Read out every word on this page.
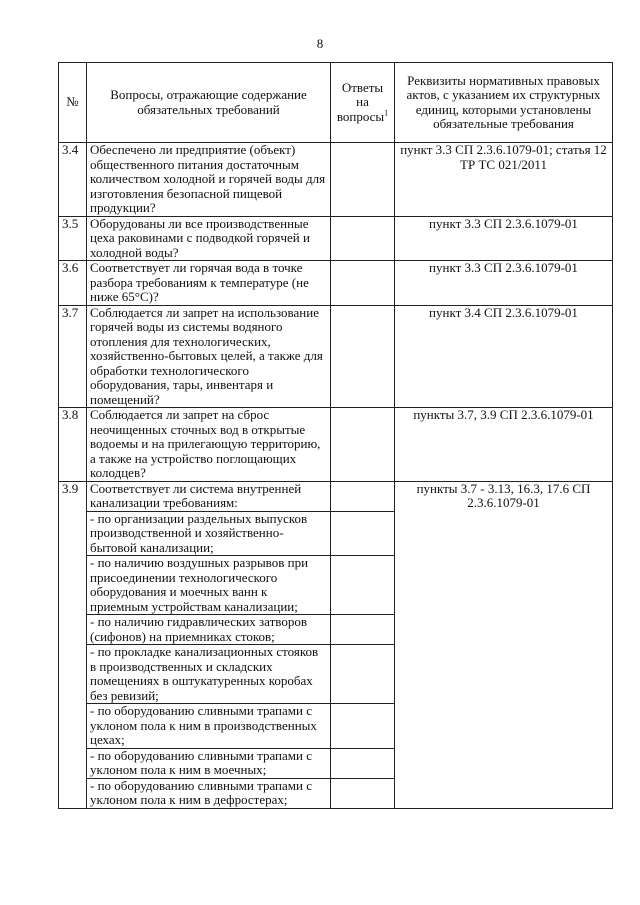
8
№	Вопросы, отражающие содержание обязательных требований	Ответы на вопросы$^1$	Реквизиты нормативных правовых актов, с указанием их структурных единиц, которыми установлены обязательные требования
3.4	Обеспечено ли предприятие (объект) общественного питания достаточным количеством холодной и горячей воды для изготовления безопасной пищевой продукции?		пункт 3.3 СП 2.3.6.1079-01; статья 12 ТР ТС 021/2011
3.5	Оборудованы ли все производственные цеха раковинами с подводкой горячей и холодной воды?		пункт 3.3 СП 2.3.6.1079-01
3.6	Соответствует ли горячая вода в точке разбора требованиям к температуре (не ниже 65°С)?		пункт 3.3 СП 2.3.6.1079-01
3.7	Соблюдается ли запрет на использование горячей воды из системы водяного отопления для технологических, хозяйственно-бытовых целей, а также для обработки технологического оборудования, тары, инвентаря и помещений?		пункт 3.4 СП 2.3.6.1079-01
3.8	Соблюдается ли запрет на сброс неочищенных сточных вод в открытые водоемы и на прилегающую территорию, а также на устройство поглощающих колодцев?		пункты 3.7, 3.9 СП 2.3.6.1079-01
3.9	Соответствует ли система внутренней канализации требованиям:		пункты 3.7 - 3.13, 16.3, 17.6 СП 2.3.6.1079-01
	- по организации раздельных выпусков производственной и хозяйственно-бытовой канализации;		
	- по наличию воздушных разрывов при присоединении технологического оборудования и моечных ванн к приемным устройствам канализации;		
	- по наличию гидравлических затворов (сифонов) на приемниках стоков;		
	- по прокладке канализационных стояков в производственных и складских помещениях в оштукатуренных коробах без ревизий;		
	- по оборудованию сливными трапами с уклоном пола к ним в производственных цехах;		
	- по оборудованию сливными трапами с уклоном пола к ним в моечных;		
	- по оборудованию сливными трапами с уклоном пола к ним в дефростерах;		
